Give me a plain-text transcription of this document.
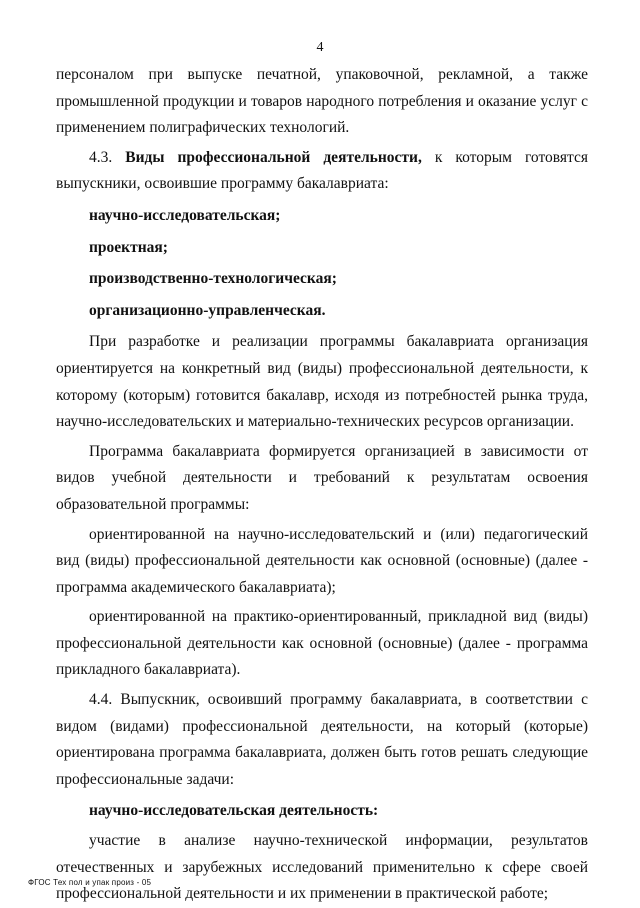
4

персоналом при выпуске печатной, упаковочной, рекламной, а также промышленной продукции и товаров народного потребления и оказание услуг с применением полиграфических технологий.

4.3. Виды профессиональной деятельности, к которым готовятся выпускники, освоившие программу бакалавриата:

научно-исследовательская;

проектная;

производственно-технологическая;

организационно-управленческая.

При разработке и реализации программы бакалавриата организация ориентируется на конкретный вид (виды) профессиональной деятельности, к которому (которым) готовится бакалавр, исходя из потребностей рынка труда, научно-исследовательских и материально-технических ресурсов организации.

Программа бакалавриата формируется организацией в зависимости от видов учебной деятельности и требований к результатам освоения образовательной программы:

ориентированной на научно-исследовательский и (или) педагогический вид (виды) профессиональной деятельности как основной (основные) (далее - программа академического бакалавриата);

ориентированной на практико-ориентированный, прикладной вид (виды) профессиональной деятельности как основной (основные) (далее - программа прикладного бакалавриата).

4.4. Выпускник, освоивший программу бакалавриата, в соответствии с видом (видами) профессиональной деятельности, на который (которые) ориентирована программа бакалавриата, должен быть готов решать следующие профессиональные задачи:

научно-исследовательская деятельность:

участие в анализе научно-технической информации, результатов отечественных и зарубежных исследований применительно к сфере своей профессиональной деятельности и их применении в практической работе;

ФГОС Тех пол и упак произ - 05
